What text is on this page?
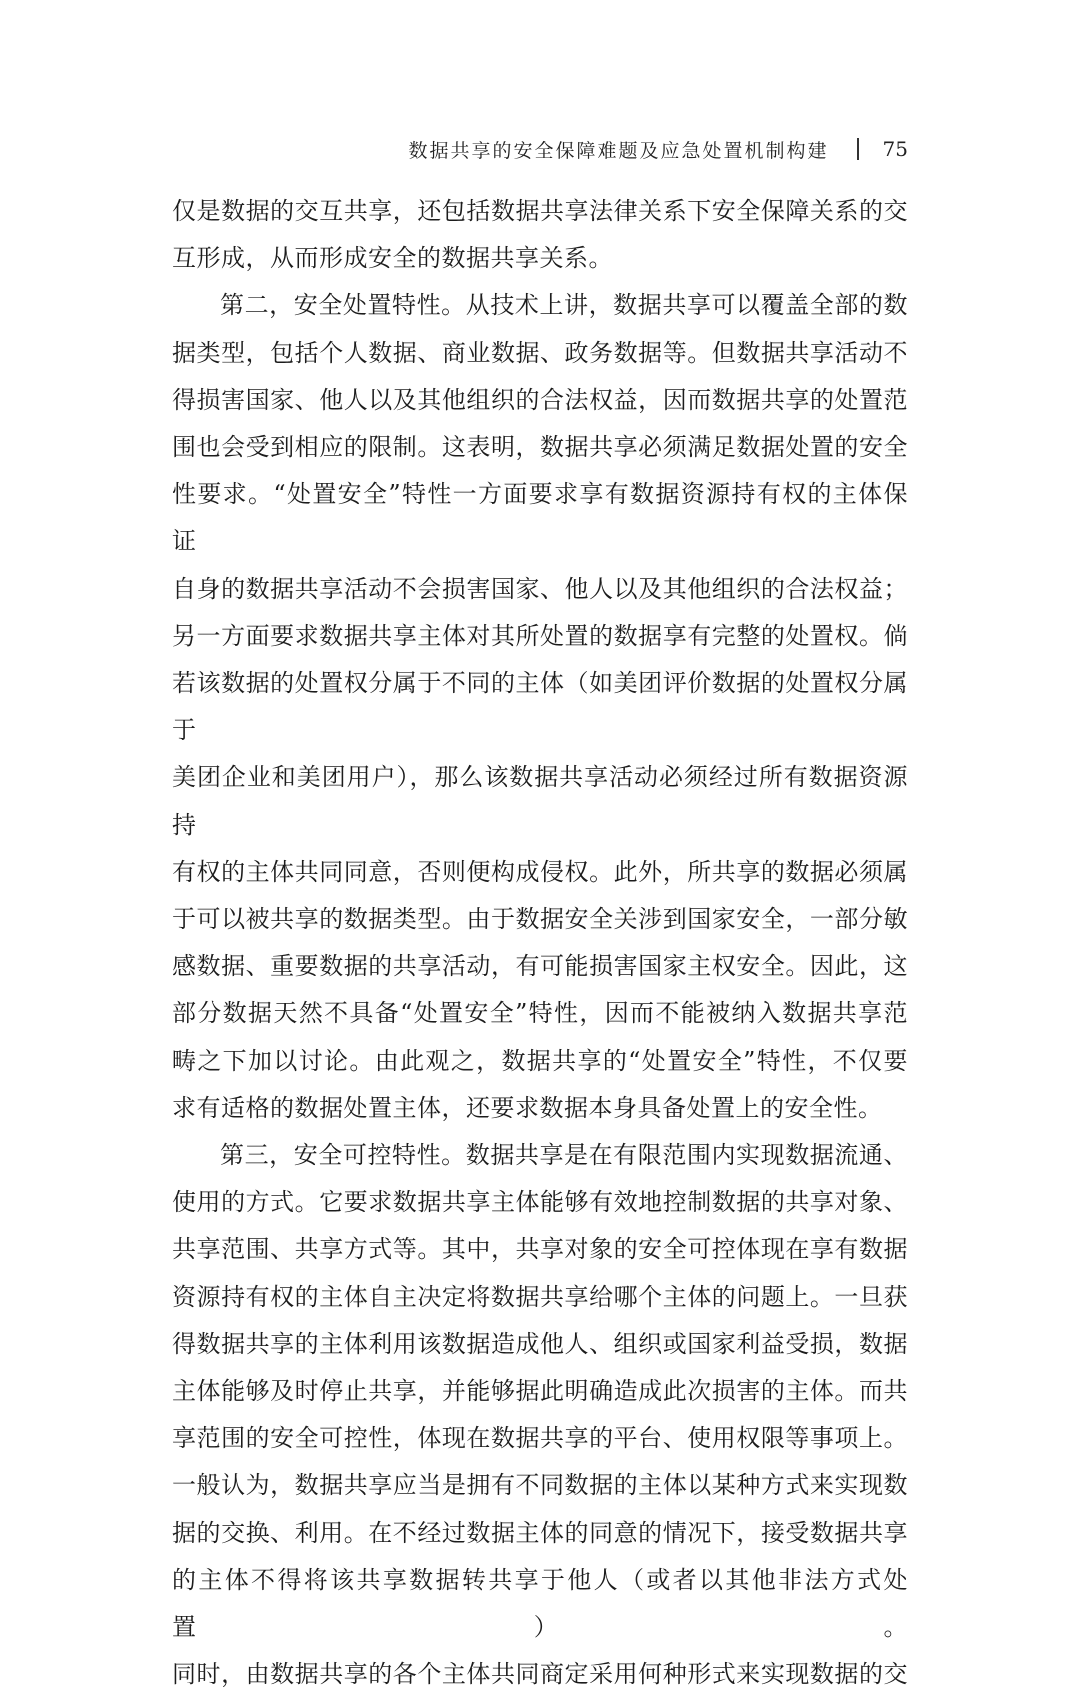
数据共享的安全保障难题及应急处置机制构建	75

仅是数据的交互共享，还包括数据共享法律关系下安全保障关系的交

互形成，从而形成安全的数据共享关系。

第二，安全处置特性。从技术上讲，数据共享可以覆盖全部的数

据类型，包括个人数据、商业数据、政务数据等。但数据共享活动不

得损害国家、他人以及其他组织的合法权益，因而数据共享的处置范

围也会受到相应的限制。这表明，数据共享必须满足数据处置的安全

性要求。“处置安全”特性一方面要求享有数据资源持有权的主体保证

自身的数据共享活动不会损害国家、他人以及其他组织的合法权益；

另一方面要求数据共享主体对其所处置的数据享有完整的处置权。倘

若该数据的处置权分属于不同的主体（如美团评价数据的处置权分属于

美团企业和美团用户），那么该数据共享活动必须经过所有数据资源持

有权的主体共同同意，否则便构成侵权。此外，所共享的数据必须属

于可以被共享的数据类型。由于数据安全关涉到国家安全，一部分敏

感数据、重要数据的共享活动，有可能损害国家主权安全。因此，这

部分数据天然不具备“处置安全”特性，因而不能被纳入数据共享范

畴之下加以讨论。由此观之，数据共享的“处置安全”特性，不仅要

求有适格的数据处置主体，还要求数据本身具备处置上的安全性。

第三，安全可控特性。数据共享是在有限范围内实现数据流通、

使用的方式。它要求数据共享主体能够有效地控制数据的共享对象、

共享范围、共享方式等。其中，共享对象的安全可控体现在享有数据

资源持有权的主体自主决定将数据共享给哪个主体的问题上。一旦获

得数据共享的主体利用该数据造成他人、组织或国家利益受损，数据

主体能够及时停止共享，并能够据此明确造成此次损害的主体。而共

享范围的安全可控性，体现在数据共享的平台、使用权限等事项上。

一般认为，数据共享应当是拥有不同数据的主体以某种方式来实现数

据的交换、利用。在不经过数据主体的同意的情况下，接受数据共享

的主体不得将该共享数据转共享于他人（或者以其他非法方式处置）。

同时，由数据共享的各个主体共同商定采用何种形式来实现数据的交
